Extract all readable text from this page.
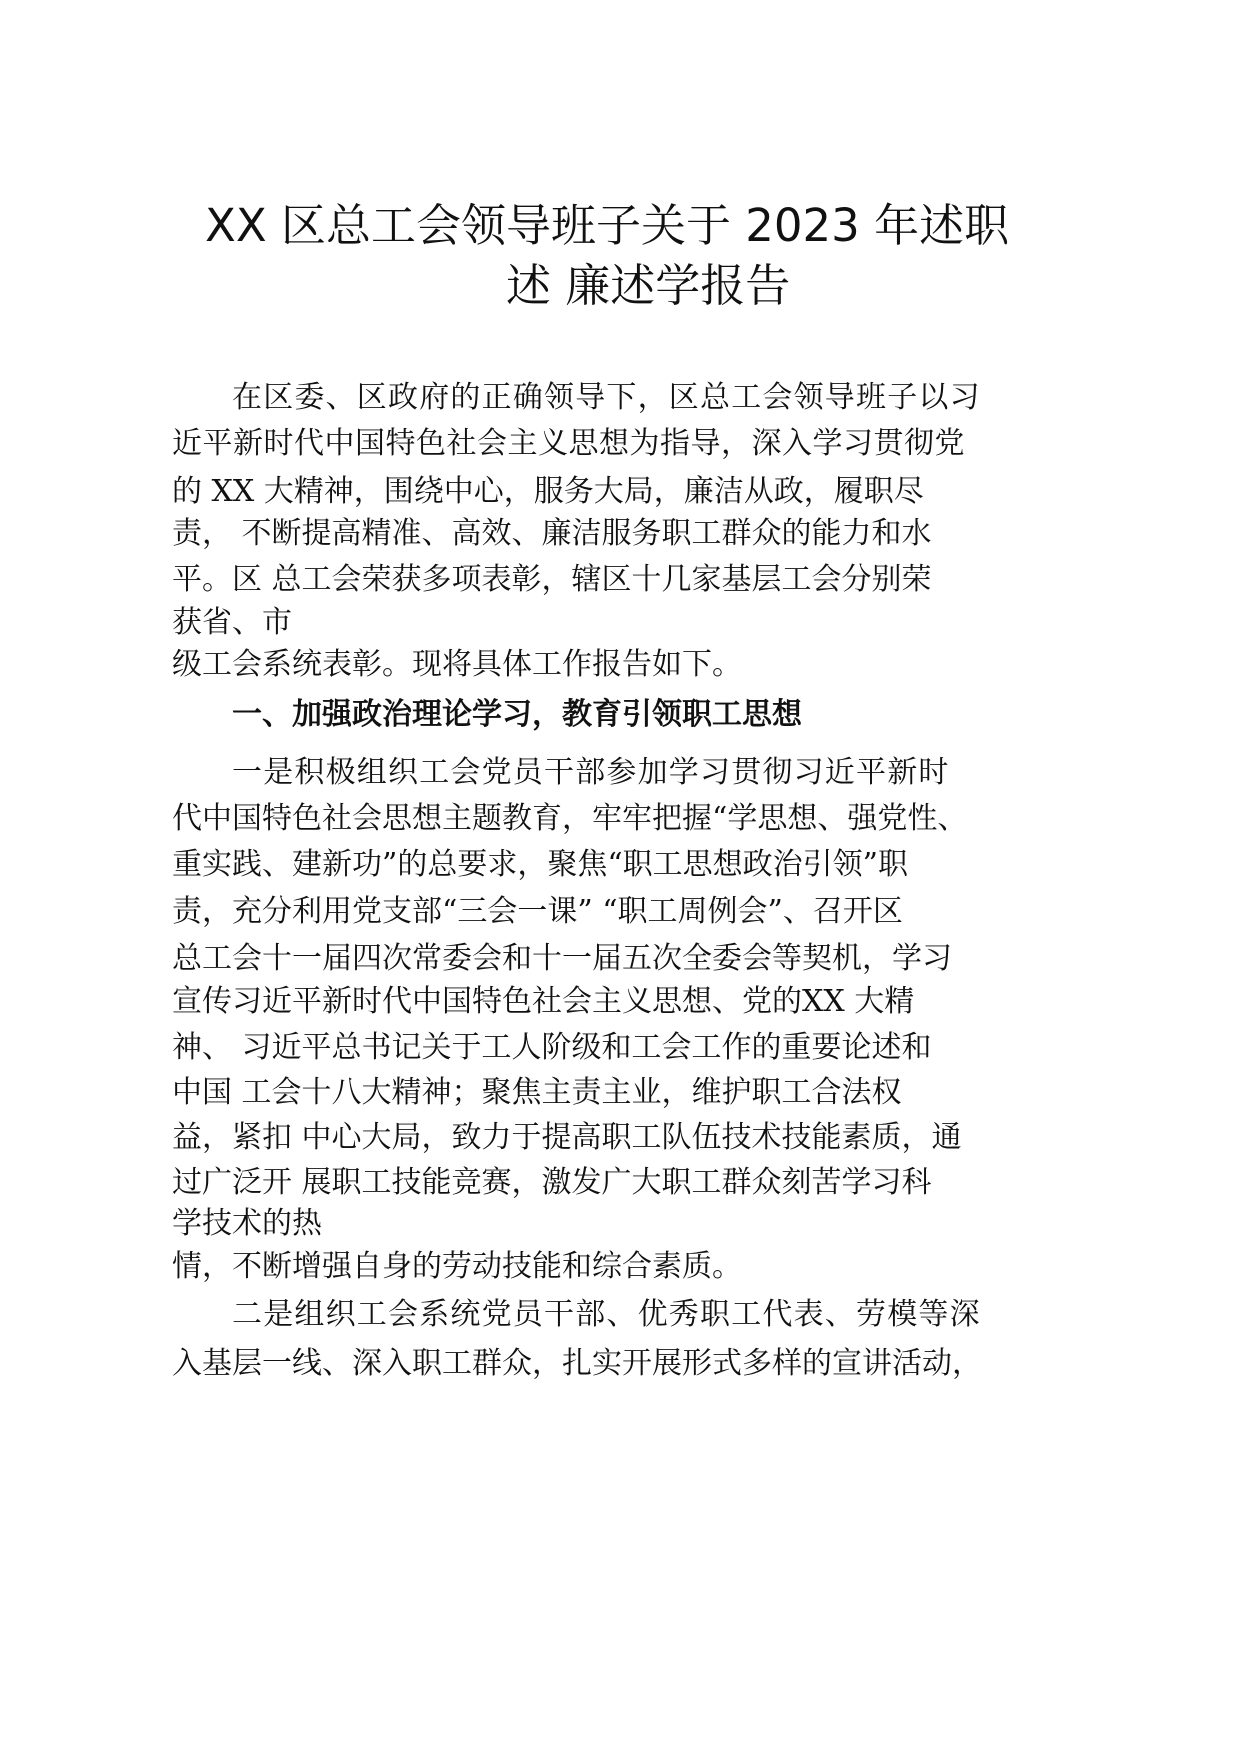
XX 区总工会领导班子关于 2023 年述职
述 廉述学报告

在区委、区政府的正确领导下，区总工会领导班子以习

近平新时代中国特色社会主义思想为指导，深入学习贯彻党

的 XX 大精神，围绕中心，服务大局，廉洁从政，履职尽

责， 不断提高精准、高效、廉洁服务职工群众的能力和水

平。区 总工会荣获多项表彰，辖区十几家基层工会分别荣

获省、市

级工会系统表彰。现将具体工作报告如下。

一、加强政治理论学习，教育引领职工思想

一是积极组织工会党员干部参加学习贯彻习近平新时

代中国特色社会思想主题教育，牢牢把握“学思想、强党性、

重实践、建新功”的总要求，聚焦“职工思想政治引领”职

责，充分利用党支部“三会一课” “职工周例会”、召开区

总工会十一届四次常委会和十一届五次全委会等契机，学习

宣传习近平新时代中国特色社会主义思想、党的XX 大精

神、 习近平总书记关于工人阶级和工会工作的重要论述和

中国 工会十八大精神；聚焦主责主业，维护职工合法权

益，紧扣 中心大局，致力于提高职工队伍技术技能素质，通

过广泛开 展职工技能竞赛，激发广大职工群众刻苦学习科

学技术的热

情，不断增强自身的劳动技能和综合素质。

二是组织工会系统党员干部、优秀职工代表、劳模等深

入基层一线、深入职工群众，扎实开展形式多样的宣讲活动，
